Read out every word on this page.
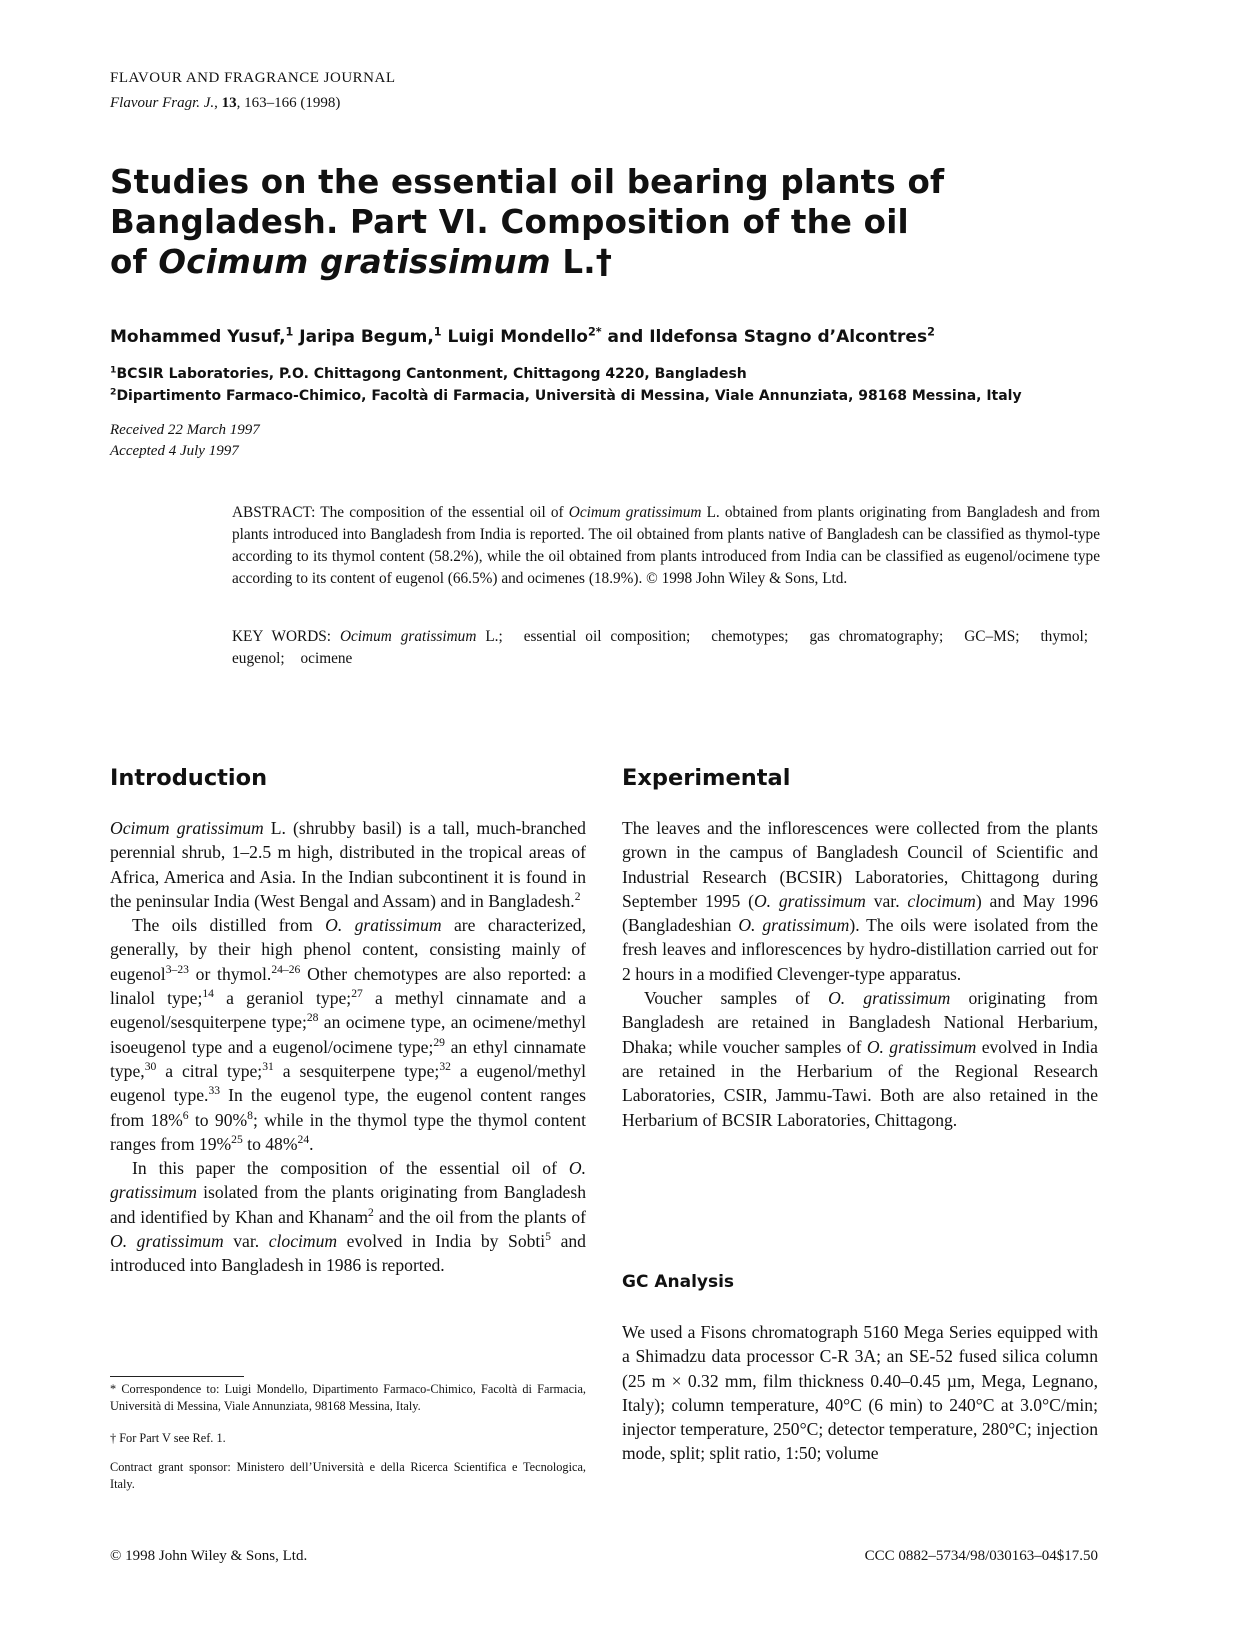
FLAVOUR AND FRAGRANCE JOURNAL
Flavour Fragr. J., 13, 163–166 (1998)
Studies on the essential oil bearing plants of
Bangladesh. Part VI. Composition of the oil
of Ocimum gratissimum L.†
Mohammed Yusuf,$^1$ Jaripa Begum,$^1$ Luigi Mondello$^{2*}$ and Ildefonsa Stagno d’Alcontres$^2$
$^1$BCSIR Laboratories, P.O. Chittagong Cantonment, Chittagong 4220, Bangladesh
$^2$Dipartimento Farmaco-Chimico, Facoltà di Farmacia, Università di Messina, Viale Annunziata, 98168 Messina, Italy
Received 22 March 1997
Accepted 4 July 1997
ABSTRACT: The composition of the essential oil of Ocimum gratissimum L. obtained from plants originating from Bangladesh and from plants introduced into Bangladesh from India is reported. The oil obtained from plants native of Bangladesh can be classified as thymol-type according to its thymol content (58.2%), while the oil obtained from plants introduced from India can be classified as eugenol/ocimene type according to its content of eugenol (66.5%) and ocimenes (18.9%). © 1998 John Wiley & Sons, Ltd.
KEY WORDS: Ocimum gratissimum L.; essential oil composition; chemotypes; gas chromatography; GC–MS; thymol; eugenol; ocimene
Introduction

Ocimum gratissimum L. (shrubby basil) is a tall, much-branched perennial shrub, 1–2.5 m high, distributed in the tropical areas of Africa, America and Asia. In the Indian subcontinent it is found in the peninsular India (West Bengal and Assam) and in Bangladesh.$^2$

The oils distilled from O. gratissimum are characterized, generally, by their high phenol content, consisting mainly of eugenol$^{3-23}$ or thymol.$^{24-26}$ Other chemotypes are also reported: a linalol type;$^{14}$ a geraniol type;$^{27}$ a methyl cinnamate and a eugenol/sesquiterpene type;$^{28}$ an ocimene type, an ocimene/methyl isoeugenol type and a eugenol/ocimene type;$^{29}$ an ethyl cinnamate type,$^{30}$ a citral type;$^{31}$ a sesquiterpene type;$^{32}$ a eugenol/methyl eugenol type.$^{33}$ In the eugenol type, the eugenol content ranges from 18%$^6$ to 90%$^8$; while in the thymol type the thymol content ranges from 19%$^{25}$ to 48%$^{24}$.

In this paper the composition of the essential oil of O. gratissimum isolated from the plants originating from Bangladesh and identified by Khan and Khanam$^2$ and the oil from the plants of O. gratissimum var. clocimum evolved in India by Sobti$^5$ and introduced into Bangladesh in 1986 is reported.

* Correspondence to: Luigi Mondello, Dipartimento Farmaco-Chimico, Facoltà di Farmacia, Università di Messina, Viale Annunziata, 98168 Messina, Italy.
† For Part V see Ref. 1.
Contract grant sponsor: Ministero dell’Università e della Ricerca Scientifica e Tecnologica, Italy.
Experimental

The leaves and the inflorescences were collected from the plants grown in the campus of Bangladesh Council of Scientific and Industrial Research (BCSIR) Laboratories, Chittagong during September 1995 (O. gratissimum var. clocimum) and May 1996 (Bangladeshian O. gratissimum). The oils were isolated from the fresh leaves and inflorescences by hydro-distillation carried out for 2 hours in a modified Clevenger-type apparatus.

Voucher samples of O. gratissimum originating from Bangladesh are retained in Bangladesh National Herbarium, Dhaka; while voucher samples of O. gratissimum evolved in India are retained in the Herbarium of the Regional Research Laboratories, CSIR, Jammu-Tawi. Both are also retained in the Herbarium of BCSIR Laboratories, Chittagong.

GC Analysis

We used a Fisons chromatograph 5160 Mega Series equipped with a Shimadzu data processor C-R 3A; an SE-52 fused silica column (25 m × 0.32 mm, film thickness 0.40–0.45 µm, Mega, Legnano, Italy); column temperature, 40°C (6 min) to 240°C at 3.0°C/min; injector temperature, 250°C; detector temperature, 280°C; injection mode, split; split ratio, 1:50; volume

© 1998 John Wiley & Sons, Ltd.	CCC 0882–5734/98/030163–04$17.50
